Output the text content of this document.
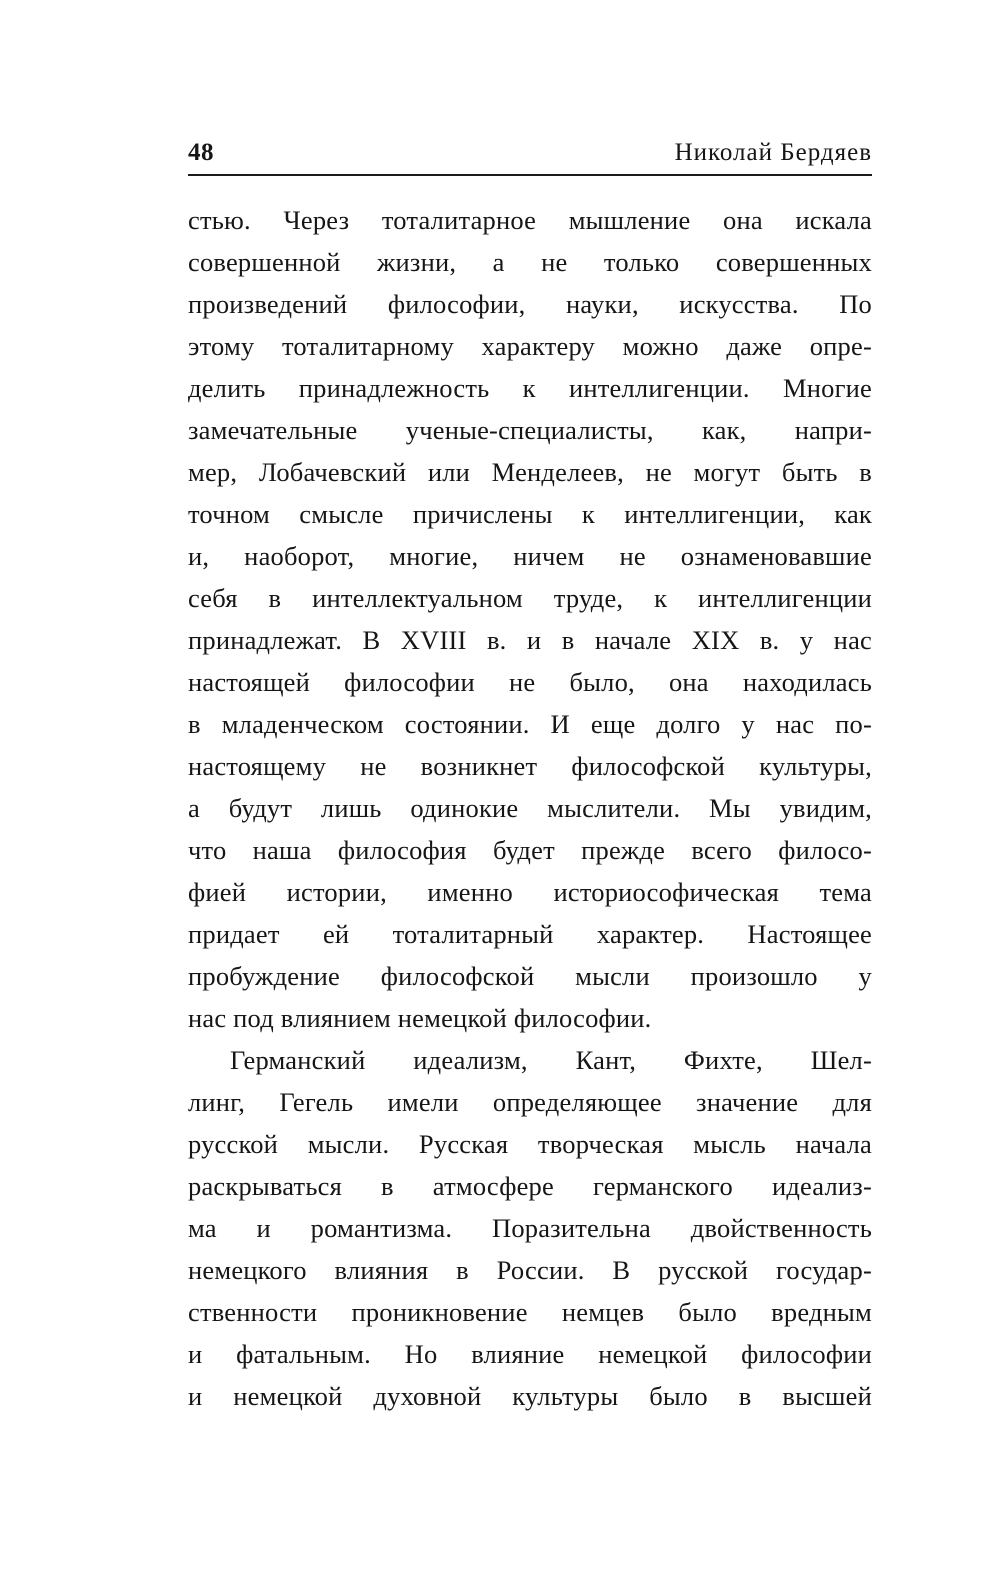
48	Николай Бердяев
стью. Через тоталитарное мышление она искала
совершенной жизни, а не только совершенных
произведений философии, науки, искусства. По
этому тоталитарному характеру можно даже опре-
делить принадлежность к интеллигенции. Многие
замечательные ученые-специалисты, как, напри-
мер, Лобачевский или Менделеев, не могут быть в
точном смысле причислены к интеллигенции, как
и, наоборот, многие, ничем не ознаменовавшие
себя в интеллектуальном труде, к интеллигенции
принадлежат. В XVIII в. и в начале XIX в. у нас
настоящей философии не было, она находилась
в младенческом состоянии. И еще долго у нас по-
настоящему не возникнет философской культуры,
а будут лишь одинокие мыслители. Мы увидим,
что наша философия будет прежде всего филосо-
фией истории, именно историософическая тема
придает ей тоталитарный характер. Настоящее
пробуждение философской мысли произошло у
нас под влиянием немецкой философии.
Германский идеализм, Кант, Фихте, Шел-
линг, Гегель имели определяющее значение для
русской мысли. Русская творческая мысль начала
раскрываться в атмосфере германского идеализ-
ма и романтизма. Поразительна двойственность
немецкого влияния в России. В русской государ-
ственности проникновение немцев было вредным
и фатальным. Но влияние немецкой философии
и немецкой духовной культуры было в высшей
